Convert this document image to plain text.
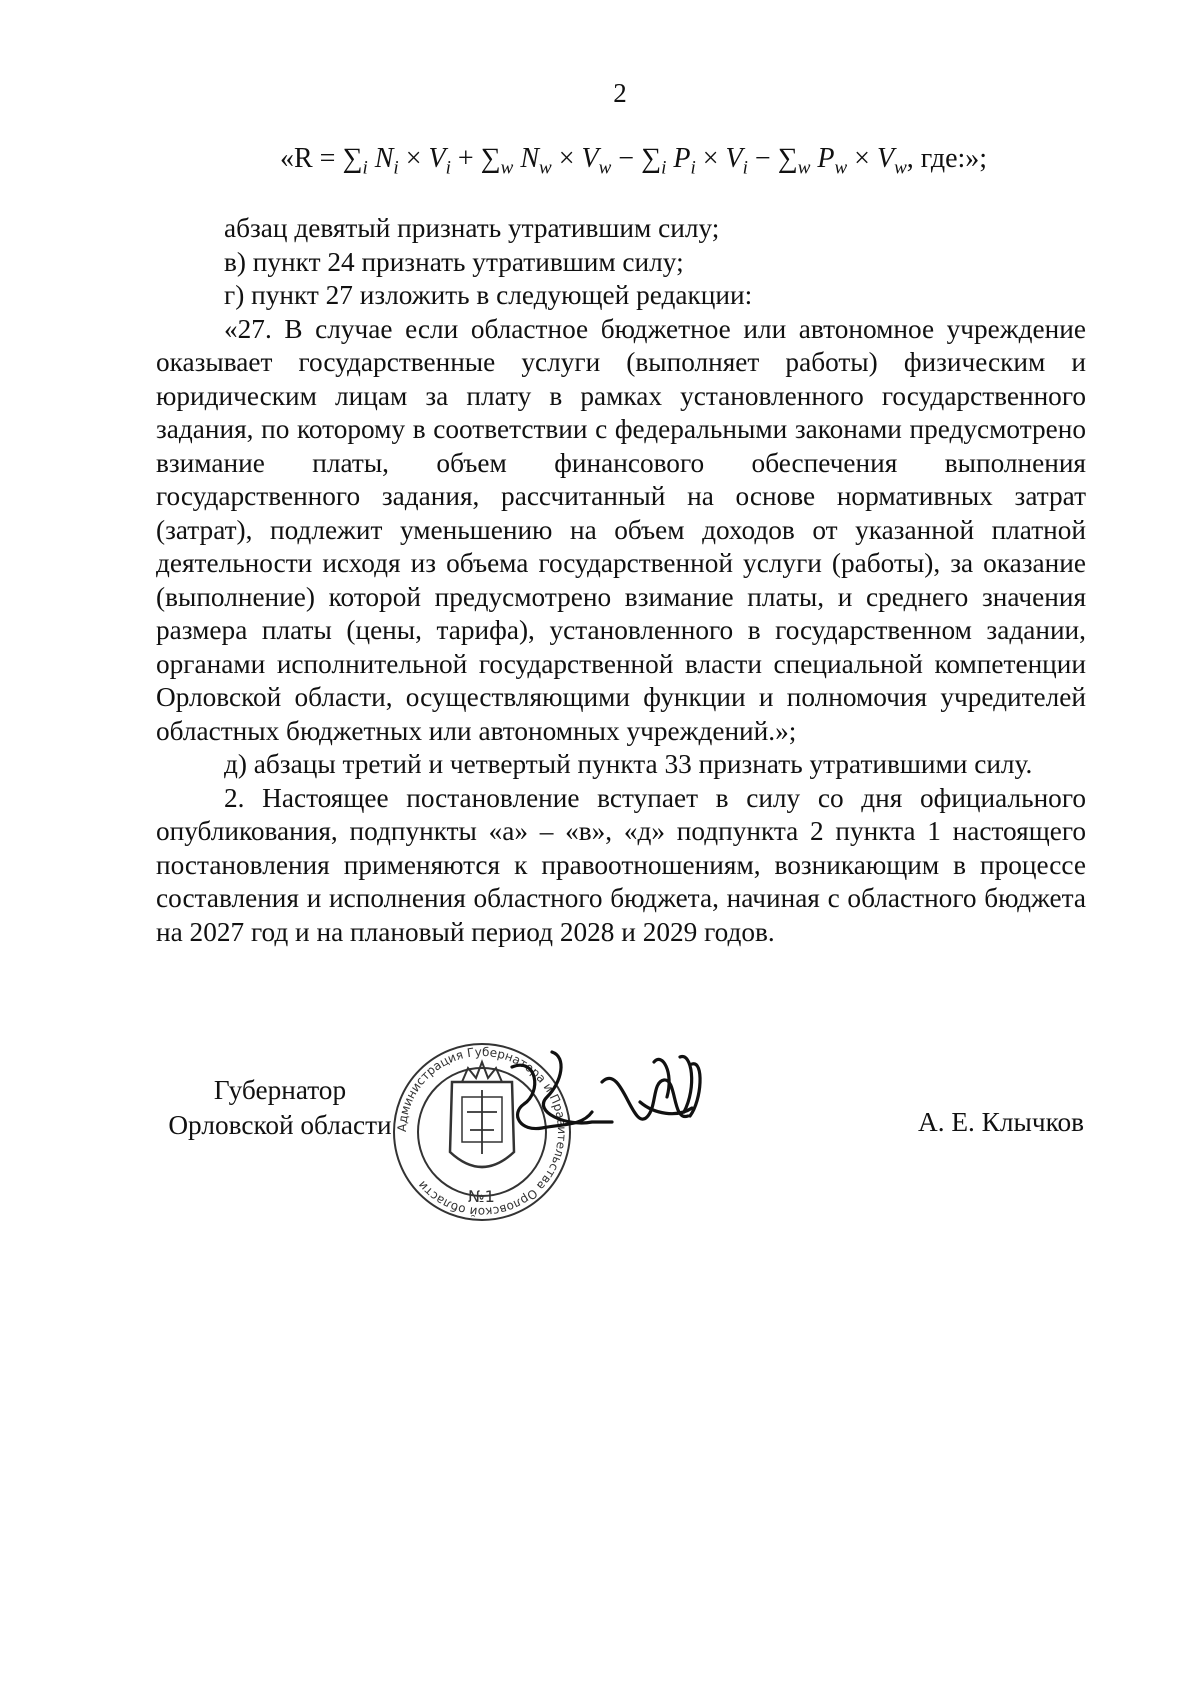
2
«$R = \sum_i$ $N_i \times V_i + \sum_w$ $N_w \times V_w - \sum_i$ $P_i \times V_i - \sum_w$ $P_w \times V_w$, где:»;

абзац девятый признать утратившим силу;

в) пункт 24 признать утратившим силу;

г) пункт 27 изложить в следующей редакции:

«27. В случае если областное бюджетное или автономное учреждение оказывает государственные услуги (выполняет работы) физическим и юридическим лицам за плату в рамках установленного государственного задания, по которому в соответствии с федеральными законами предусмотрено взимание платы, объем финансового обеспечения выполнения государственного задания, рассчитанный на основе нормативных затрат (затрат), подлежит уменьшению на объем доходов от указанной платной деятельности исходя из объема государственной услуги (работы), за оказание (выполнение) которой предусмотрено взимание платы, и среднего значения размера платы (цены, тарифа), установленного в государственном задании, органами исполнительной государственной власти специальной компетенции Орловской области, осуществляющими функции и полномочия учредителей областных бюджетных или автономных учреждений.»;

д) абзацы третий и четвертый пункта 33 признать утратившими силу.

2. Настоящее постановление вступает в силу со дня официального опубликования, подпункты «а» – «в», «д» подпункта 2 пункта 1 настоящего постановления применяются к правоотношениям, возникающим в процессе составления и исполнения областного бюджета, начиная с областного бюджета на 2027 год и на плановый период 2028 и 2029 годов.

Губернатор
Орловской области Администрация Губернатора и Правительства Орловской области
№1
А. Е. Клычков
